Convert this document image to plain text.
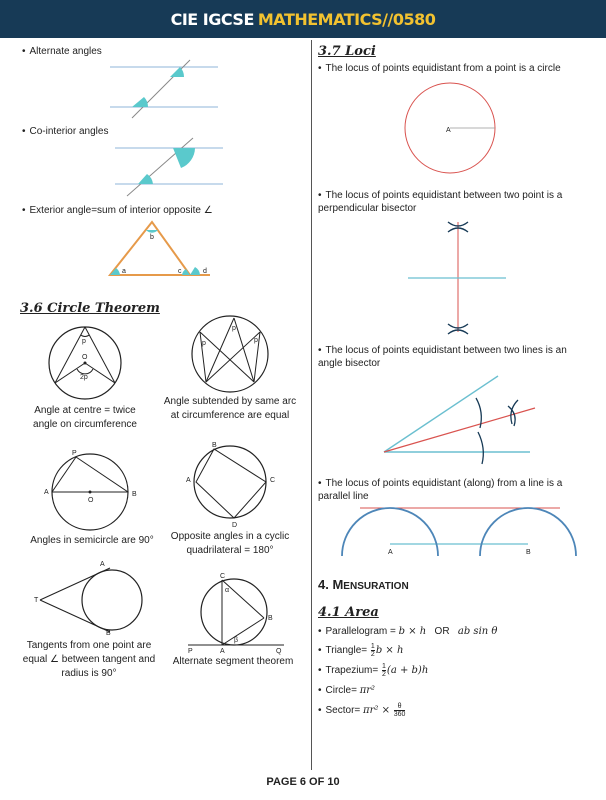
CIE IGCSE MATHEMATICS//0580
• Alternate angles
• Co-interior angles
• Exterior angle=sum of interior opposite ∠
b
a	c	d
3.6 Circle Theorem
p
O
2p
Angle at centre = twice angle on circumference
p
p
p
Angle subtended by same arc at circumference are equal
P
A	B
O
Angles in semicircle are 90°
B
A	C
D
Opposite angles in a cyclic quadrilateral = 180°
T
A
B
Tangents from one point are equal ∠ between tangent and radius is 90°
C
B
P	A	Q
α
β
Alternate segment theorem
3.7 Loci
• The locus of points equidistant from a point is a circle
A
• The locus of points equidistant between two point is a perpendicular bisector
• The locus of points equidistant between two lines is an angle bisector
• The locus of points equidistant (along) from a line is a parallel line
A	B
4. MENSURATION
4.1 Area
• Parallelogram = b × h OR ab sin θ
• Triangle= $\frac{1}{2}$ b × h
• Trapezium= $\frac{1}{2} (a + b)h$
• Circle= πr²
• Sector= $\pi r^2 \times \frac{\theta}{360}$
PAGE 6 OF 10
